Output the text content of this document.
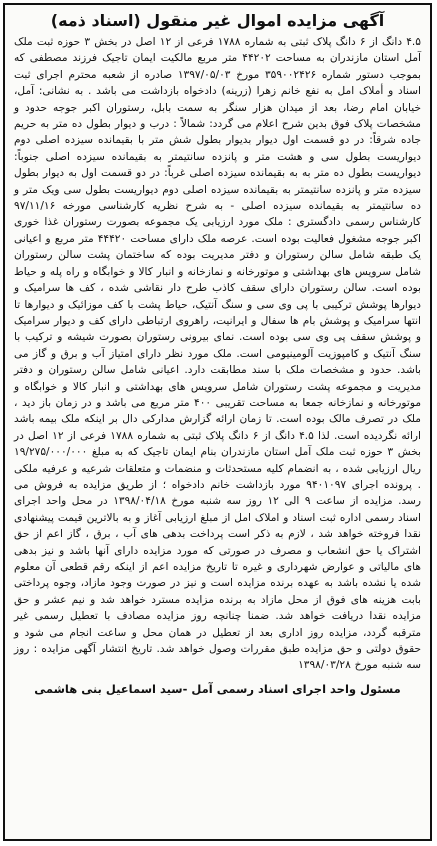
آگهی مزایده اموال غیر منقول (اسناد ذمه)

۴.۵ دانگ از ۶ دانگ پلاک ثبتی به شماره ۱۷۸۸ فرعی از ۱۲ اصل در بخش ۳ حوزه ثبت ملک آمل استان مازندران به مساحت ۴۴۲۰۲ متر مربع مالکیت ایمان تاجیک فرزند مصطفی که بموجب دستور شماره ۳۵۹۰۰۲۴۲۶ مورخ ۱۳۹۷/۰۵/۰۳ صادره از شعبه محترم اجرای ثبت اسناد و أملاک امل به نفع خانم زهرا (زرینه) دادخواه بازداشت می باشد . به نشانی: آمل، خیابان امام رضا، بعد از میدان هزار سنگر به سمت بابل، رستوران اکبر جوجه حدود و مشخصات پلاک فوق بدین شرح اعلام می گردد: شمالاً : درب و دیوار بطول ده متر به حریم جاده شرقاً: در دو قسمت اول دیوار بدیوار بطول شش متر با بقیمانده سیزده اصلی دوم دیواریست بطول سی و هشت متر و پانزده سانتیمتر به بقیمانده سیزده اصلی جنوباً: دیواریست بطول ده متر به به بقیمانده سیزده اصلی غرباً: در دو قسمت اول به دیوار بطول سیزده متر و پانزده سانتیمتر به بقیمانده سیزده اصلی دوم دیواریست بطول سی ویک متر و ده سانتیمتر به بقیمانده سیزده اصلی - به شرح نظریه کارشناسی مورخه ۹۷/۱۱/۱۶ کارشناس رسمی دادگستری : ملک مورد ارزیابی یک مجموعه بصورت رستوران غذا خوری اکبر جوجه مشغول فعالیت بوده است. عرصه ملک دارای مساحت ۴۴۴۲۰ متر مربع و اعیانی یک طبقه شامل سالن رستوران و دفتر مدیریت بوده که ساختمان پشت سالن رستوران شامل سرویس های بهداشتی و موتورخانه و نمازخانه و انبار کالا و خوابگاه و راه پله و حیاط بوده است. سالن رستوران دارای سقف کاذب طرح دار نقاشی شده ، کف ها سرامیک و دیوارها پوشش ترکیبی با پی وی سی و سنگ آنتیک، حیاط پشت با کف موزائیک و دیوارها تا انتها سرامیک و پوشش بام ها سفال و ایرانیت، راهروی ارتباطی دارای کف و دیوار سرامیک و پوشش سقف پی وی سی بوده است. نمای بیرونی رستوران بصورت شیشه و ترکیب با سنگ آنتیک و کامپوزیت آلومینیومی است. ملک مورد نظر دارای امتیاز آب و برق و گاز می باشد. حدود و مشخصات ملک با سند مطابقت دارد. اعیانی شامل سالن رستوران و دفتر مدیریت و مجموعه پشت رستوران شامل سرویس های بهداشتی و انبار کالا و خوابگاه و موتورخانه و نمازخانه جمعا به مساحت تقریبی ۴۰۰ متر مربع می باشد و در زمان باز دید ، ملک در تصرف مالک بوده است. تا زمان ارائه گزارش مدارکی دال بر اینکه ملک بیمه باشد ارائه نگردیده است. لذا ۴.۵ دانگ از ۶ دانگ پلاک ثبتی به شماره ۱۷۸۸ فرعی از ۱۲ اصل در بخش ۳ حوزه ثبت ملک آمل استان مازندران بنام ایمان تاجیک که به مبلغ ۱۹/۲۷۵/۰۰۰/۰۰۰ ریال ارزیابی شده ، به انضمام کلیه مستحدثات و منضمات و متعلقات شرعیه و عرفیه ملکی . پرونده اجرای ۹۴۰۱۰۹۷ مورد بازداشت خانم دادخواه ؛ از طریق مزایده به فروش می رسد. مزایده از ساعت ۹ الی ۱۲ روز سه شنبه مورخ ۱۳۹۸/۰۴/۱۸ در محل واحد اجرای اسناد رسمی اداره ثبت اسناد و املاک امل از مبلغ ارزیابی آغاز و به بالاترین قیمت پیشنهادی نقدا فروخته خواهد شد ، لازم به ذکر است پرداخت بدهی های آب ، برق ، گاز اعم از حق اشتراک یا حق انشعاب و مصرف در صورتی که مورد مزایده دارای آنها باشد و نیز بدهی های مالیاتی و عوارض شهرداری و غیره تا تاریخ مزایده اعم از اینکه رقم قطعی آن معلوم شده یا نشده باشد به عهده برنده مزایده است و نیز در صورت وجود مازاد، وجوه پرداختی بابت هزینه های فوق از محل مازاد به برنده مزایده مسترد خواهد شد و نیم عشر و حق مزایده نقدا دریافت خواهد شد. ضمنا چنانچه روز مزایده مصادف با تعطیل رسمی غیر مترقبه گردد، مزایده روز اداری بعد از تعطیل در همان محل و ساعت انجام می شود و حقوق دولتی و حق مزایده طبق مقررات وصول خواهد شد. تاریخ انتشار آگهی مزایده : روز سه شنبه مورخ ۱۳۹۸/۰۳/۲۸

مسئول واحد اجرای اسناد رسمی آمل -سید اسماعیل بنی هاشمی
